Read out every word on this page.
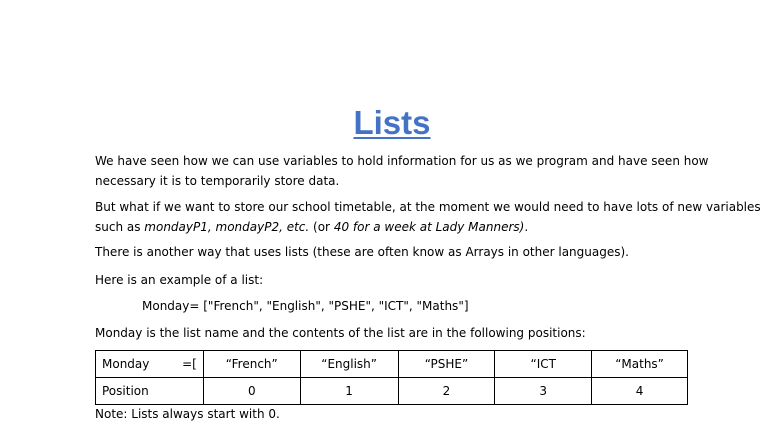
Lists
We have seen how we can use variables to hold information for us as we program and have seen how
necessary it is to temporarily store data.
But what if we want to store our school timetable, at the moment we would need to have lots of new variables
such as mondayP1, mondayP2, etc. (or 40 for a week at Lady Manners).
There is another way that uses lists (these are often know as Arrays in other languages).
Here is an example of a list:
Monday= ["French", "English", "PSHE", "ICT", "Maths"]
Monday is the list name and the contents of the list are in the following positions:
Monday =[	“French”	“English”	“PSHE”	“ICT	“Maths”
Position	0	1	2	3	4
Note: Lists always start with 0.
